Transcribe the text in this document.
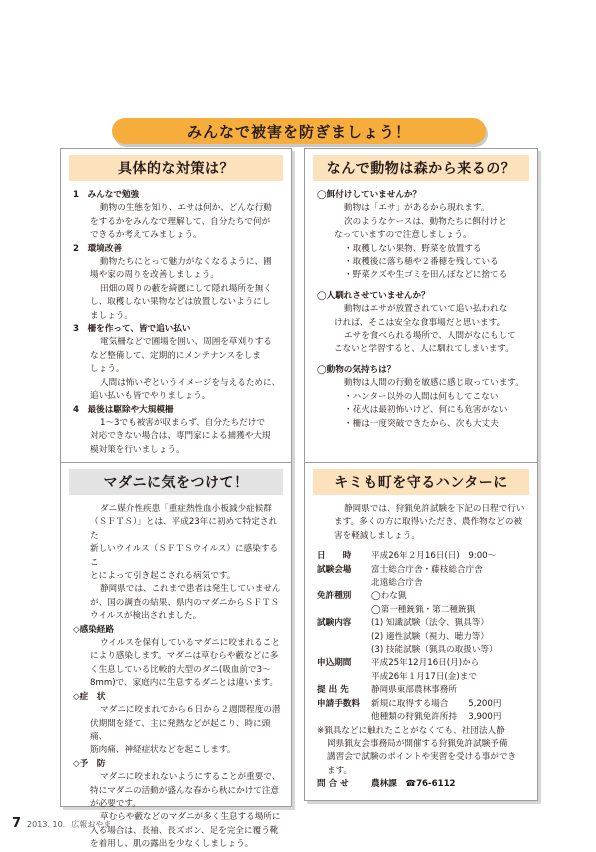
みんなで被害を防ぎましょう！
具体的な対策は？

1　みんなで勉強

動物の生態を知り、エサは何か、どんな行動

をするかをみんなで理解して、自分たちで何が

できるか考えてみましょう。

2　環境改善

動物たちにとって魅力がなくなるように、圃

場や家の周りを改善しましょう。

田畑の周りの藪を綺麗にして隠れ場所を無く

し、取穫しない果物などは放置しないようにし

ましょう。

3　柵を作って、皆で追い払い

電気柵などで圃場を囲い、周囲を草刈りする

など整備して、定期的にメンテナンスをしま

しょう。

人間は怖いぞというイメージを与えるために、

追い払いも皆でやりましょう。

4　最後は駆除や大規模柵

1～3でも被害が収まらず、自分たちだけで

対応できない場合は、専門家による捕獲や大規

模対策を行いましょう。

なんで動物は森から来るの？

◯餌付けしていませんか？

動物は「エサ」があるから現れます。

次のようなケースは、動物たちに餌付けと

なっていますので注意しましょう。

・取穫しない果物、野菜を放置する

・取穫後に落ち穂や２番穂を残している

・野菜クズや生ゴミを田んぼなどに捨てる

◯人馴れさせていませんか？

動物はエサが放置されていて追い払われな

ければ、そこは安全な食事場だと思います。

エサを食べられる場所で、人間がなにもして

こないと学習すると、人に馴れてしまいます。

◯動物の気持ちは？

動物は人間の行動を敏感に感じ取っています。

・ハンター以外の人間は何もしてこない

・花火は最初怖いけど、何にも危害がない

・柵は一度突破できたから、次も大丈夫

マダニに気をつけて！

ダニ媒介性疾患「重症熱性血小板減少症候群

（ＳＦＴＳ）」とは、平成23年に初めて特定された

新しいウイルス（ＳＦＴＳウイルス）に感染するこ

とによって引き起こされる病気です。

静岡県では、これまで患者は発生していません

が、国の調査の結果、県内のマダニからＳＦＴＳ

ウイルスが検出されました。

◇感染経路

ウイルスを保有しているマダニに咬まれること

により感染します。マダニは草むらや藪などに多

く生息している比較的大型のダニ(吸血前で3～

8mm)で、家庭内に生息するダニとは違います。

◇症　状

マダニに咬まれてから６日から２週間程度の潜

伏期間を経て、主に発熱などが起こり、時に頭痛、

筋肉痛、神経症状などを起こします。

◇予　防

マダニに咬まれないようにすることが重要で、

特にマダニの活動が盛んな春から秋にかけて注意

が必要です。

草むらや藪などのマダニが多く生息する場所に

入る場合は、長袖、長ズボン、足を完全に覆う靴

を着用し、肌の露出を少なくしましょう。

キミも町を守るハンターに

静岡県では、狩猟免許試験を下記の日程で行い

ます。多くの方に取得いただき、農作物などの被

害を軽減しましょう。

日　　時	平成26年２月16日(日)　9:00～
試験会場	富士総合庁舎・藤枝総合庁舎
北遠総合庁舎
免許種別	◯わな猟
◯第一種銃猟・第二種銃猟
試験内容	(1) 知識試験（法令、猟具等）
(2) 適性試験（視力、聴力等）
(3) 技能試験（猟具の取扱い等）
申込期間	平成25年12月16日(月)から
平成26年１月17日(金)まで
提 出 先	静岡県東部農林事務所
申請手数料	新規に取得する場合　　 5,200円
他種類の狩猟免許所持　 3,900円

※猟具などに触れたことがなくても、社団法人静

岡県猟友会事務局が開催する狩猟免許試験予備

講習会で試験のポイントや実習を受ける事ができ

ます。

問 合 せ	農林課　☎76-6112
7 2013. 10. 広報おやま
